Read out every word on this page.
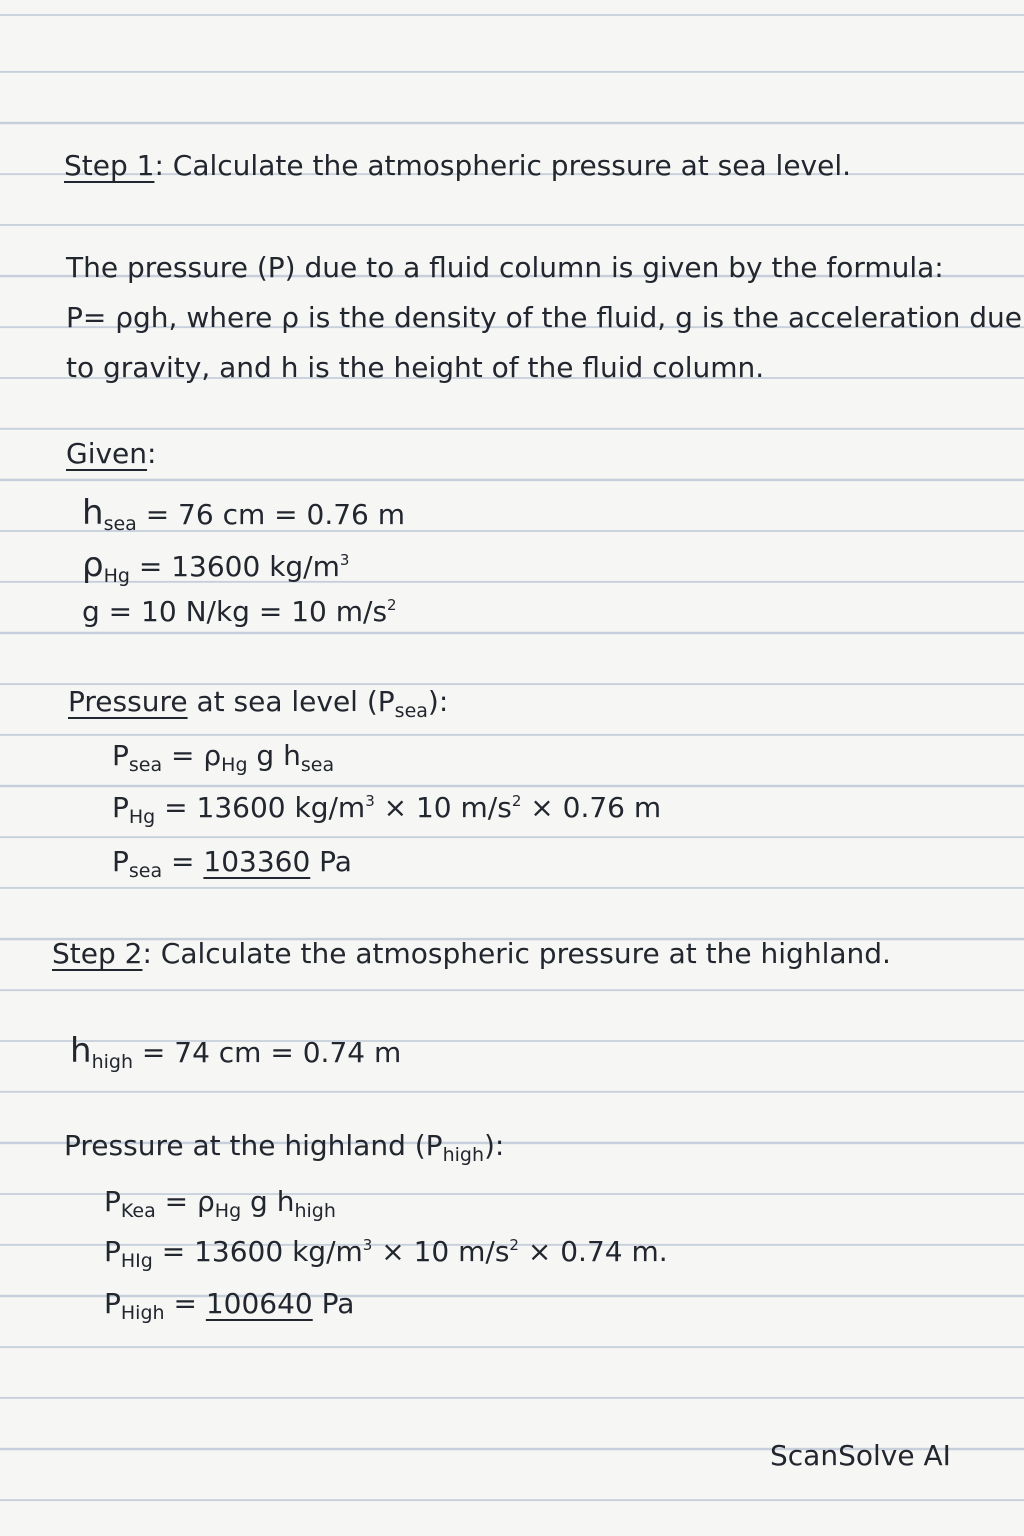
Step 1: Calculate the atmospheric pressure at sea level.
The pressure (P) due to a fluid column is given by the formula:
P= ρgh, where ρ is the density of the fluid, g is the acceleration due
to gravity, and h is the height of the fluid column.
Given:
$h_{sea} = 76$ cm = 0.76 m
$\rho_{Hg} = 13600$ $kg/m^3$
g = 10 N/kg = 10 $m/s^2$
Pressure at sea level $(P_{sea})$:
$P_{sea} = \rho_{Hg}$ g $h_{sea}$
$P_{Hg} = 13600$ $kg/m^3 \times 10$ $m/s^2 \times 0.76$ m
$P_{sea} = 103360$ Pa
Step 2: Calculate the atmospheric pressure at the highland.
$h_{high} = 74$ cm = 0.74 m
Pressure at the highland $(P_{high})$:
$P_{Kea} = \rho_{Hg}$ g $h_{high}$
$P_{HIg} = 13600$ $kg/m^3 \times 10$ $m/s^2 \times 0.74$ m.
$P_{High} = 100640$ Pa
ScanSolve AI
